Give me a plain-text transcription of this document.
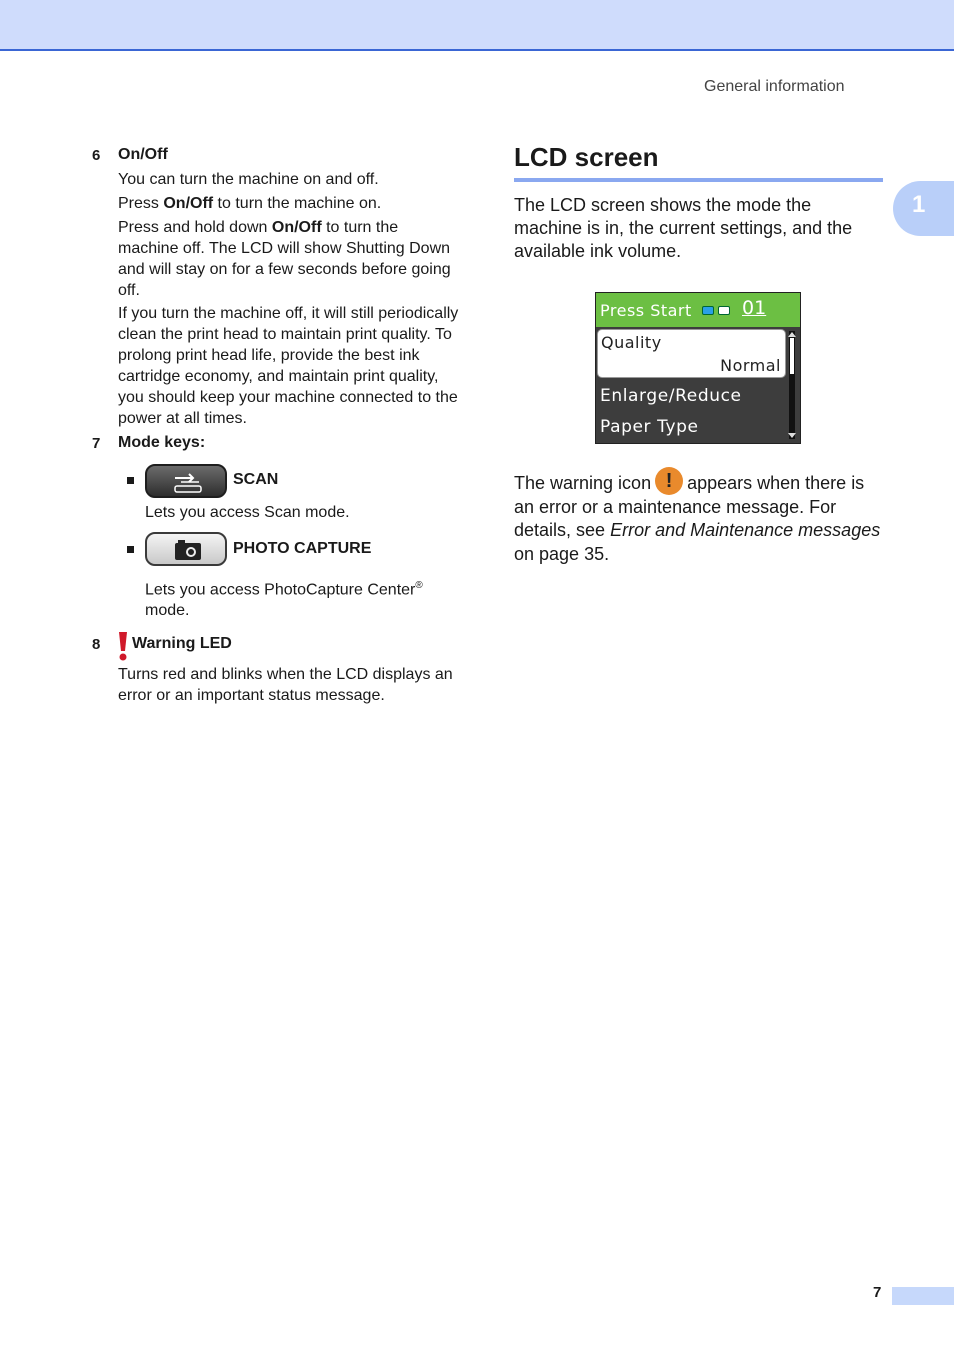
General information
1
6 On/Off
You can turn the machine on and off.
Press On/Off to turn the machine on.
Press and hold down On/Off to turn the machine off. The LCD will show Shutting Down and will stay on for a few seconds before going off.
If you turn the machine off, it will still periodically clean the print head to maintain print quality. To prolong print head life, provide the best ink cartridge economy, and maintain print quality, you should keep your machine connected to the power at all times.
7 Mode keys:
SCAN
Lets you access Scan mode.
PHOTO CAPTURE
Lets you access PhotoCapture Center®
mode.
8 Warning LED
Turns red and blinks when the LCD displays an error or an important status message.
LCD screen
The LCD screen shows the mode the machine is in, the current settings, and the available ink volume.
Press Start	01
Quality
Normal
Enlarge/Reduce
Paper Type
The warning icon ! appears when there is an error or a maintenance message. For details, see Error and Maintenance messages on page 35.
7
